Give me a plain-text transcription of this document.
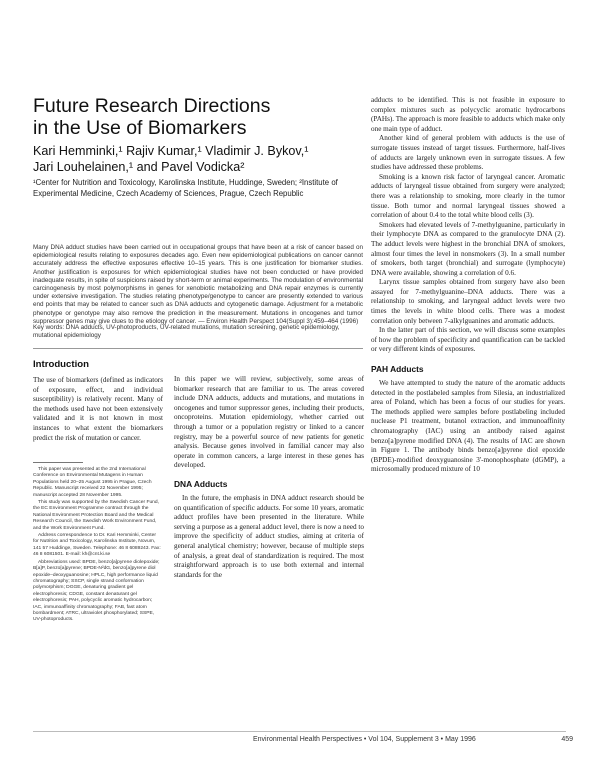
Future Research Directions
in the Use of Biomarkers
Kari Hemminki,¹ Rajiv Kumar,¹ Vladimir J. Bykov,¹
Jari Louhelainen,¹ and Pavel Vodicka²
¹Center for Nutrition and Toxicology, Karolinska Institute, Huddinge, Sweden; ²Institute of Experimental Medicine, Czech Academy of Sciences, Prague, Czech Republic
Many DNA adduct studies have been carried out in occupational groups that have been at a risk of cancer based on epidemiological results relating to exposures decades ago. Even new epidemiological publications on cancer cannot accurately address the effective exposures effective 10–15 years. This is one justification for biomarker studies. Another justification is exposures for which epidemiological studies have not been conducted or have provided inadequate results, in spite of suspicions raised by short-term or animal experiments. The modulation of environmental carcinogenesis by most polymorphisms in genes for xenobiotic metabolizing and DNA repair enzymes is currently under extensive investigation. The studies relating phenotype/genotype to cancer are presently extended to various end points that may be related to cancer such as DNA adducts and cytogenetic damage. Adjustment for a metabolic phenotype or genotype may also remove the prediction in the measurement. Mutations in oncogenes and tumor suppressor genes may give clues to the etiology of cancer. — Environ Health Perspect 104(Suppl 3):459–464 (1996)
Key words: DNA adducts, UV-photoproducts, UV-related mutations, mutation screening, genetic epidemiology, mutational epidemiology
Introduction

The use of biomarkers (defined as indicators of exposure, effect, and individual susceptibility) is relatively recent. Many of the methods used have not been extensively validated and it is not known in most instances to what extent the biomarkers predict the risk of mutation or cancer.

This paper was presented at the 2nd International Conference on Environmental Mutagens in Human Populations held 20–25 August 1995 in Prague, Czech Republic. Manuscript received 22 November 1995; manuscript accepted 28 November 1995.

This study was supported by the Swedish Cancer Fund, the EC Environment Programme contract through the National Environment Protection Board and the Medical Research Council, the Swedish Work Environment Fund, and the Work Environment Fund.

Address correspondence to Dr. Kari Hemminki, Center for Nutrition and Toxicology, Karolinska Institute, Novum, 141 57 Huddinge, Sweden. Telephone: 46 8 6089243. Fax: 46 8 6081501. E-mail: kh@cnt.ki.se

Abbreviations used: BPDE, benzo[a]pyrene diolepoxide; B[a]P, benzo[a]pyrene; BPDE-N²dG, benzo[a]pyrene diol epoxide–deoxyguanosine; HPLC, high performance liquid chromatography; SSCP, single strand conformation polymorphism; DGGE, denaturing gradient gel electrophoresis; CDGE, constant denaturant gel electrophoresis; PAH, polycyclic aromatic hydrocarbon; IAC, immunoaffinity chromatography; FAB, fast atom bombardment; ATRC, ultraviolet phosphorylated; SSPE, UV-photoproducts.

In this paper we will review, subjectively, some areas of biomarker research that are familiar to us. The areas covered include DNA adducts, adducts and mutations, and mutations in oncogenes and tumor suppressor genes, including their products, oncoproteins. Mutation epidemiology, whether carried out through a tumor or a population registry or linked to a cancer registry, may be a powerful source of new patients for genetic analysis. Because genes involved in familial cancer may also operate in common cancers, a large interest in these genes has developed.

DNA Adducts

In the future, the emphasis in DNA adduct research should be on quantification of specific adducts. For some 10 years, aromatic adduct profiles have been presented in the literature. While serving a purpose as a general adduct level, there is now a need to improve the specificity of adduct studies, aiming at criteria of general analytical chemistry; however, because of multiple steps of analysis, a great deal of standardization is required. The most straightforward approach is to use both external and internal standards for the

adducts to be identified. This is not feasible in exposure to complex mixtures such as polycyclic aromatic hydrocarbons (PAHs). The approach is more feasible to adducts which make only one main type of adduct.

Another kind of general problem with adducts is the use of surrogate tissues instead of target tissues. Furthermore, half-lives of adducts are largely unknown even in surrogate tissues. A few studies have addressed these problems.

Smoking is a known risk factor of laryngeal cancer. Aromatic adducts of laryngeal tissue obtained from surgery were analyzed; there was a relationship to smoking, more clearly in the tumor tissue. Both tumor and normal laryngeal tissues showed a correlation of about 0.4 to the total white blood cells (3).

Smokers had elevated levels of 7-methylguanine, particularly in their lymphocyte DNA as compared to the granulocyte DNA (2). The adduct levels were highest in the bronchial DNA of smokers, almost four times the level in nonsmokers (3). In a small number of smokers, both target (bronchial) and surrogate (lymphocyte) DNA were available, showing a correlation of 0.6.

Larynx tissue samples obtained from surgery have also been assayed for 7-methylguanine–DNA adducts. There was a relationship to smoking, and laryngeal adduct levels were two times the levels in white blood cells. There was a modest correlation only between 7-alkylguanines and aromatic adducts.

In the latter part of this section, we will discuss some examples of how the problem of specificity and quantification can be tackled or very different kinds of exposures.

PAH Adducts

We have attempted to study the nature of the aromatic adducts detected in the postlabeled samples from Silesia, an industrialized area of Poland, which has been a focus of our studies for years. The methods applied were samples before postlabeling included nuclease P1 treatment, butanol extraction, and immunoaffinity chromatography (IAC) using an antibody raised against benzo[a]pyrene modified DNA (4). The results of IAC are shown in Figure 1. The antibody binds benzo[a]pyrene diol epoxide (BPDE)-modified deoxyguanosine 3'-monophosphate (dGMP), a microsomally produced mixture of 10

Environmental Health Perspectives • Vol 104, Supplement 3 • May 1996	459
